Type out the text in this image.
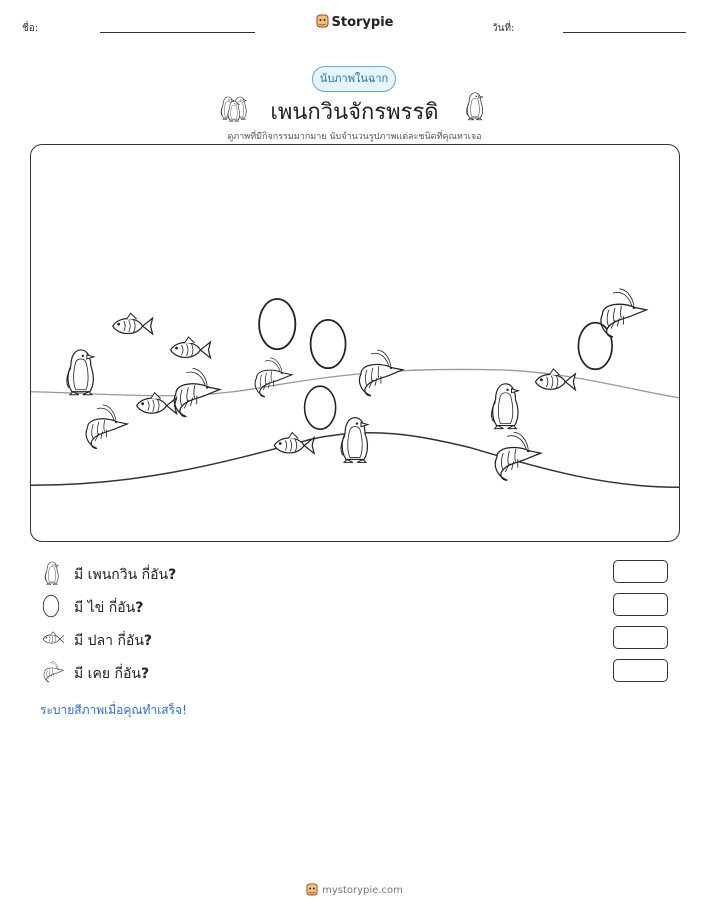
ชื่อ:	Storypie	วันที่:
นับภาพในฉาก
เพนกวินจักรพรรดิ
ดูภาพที่มีกิจกรรมมากมาย นับจำนวนรูปภาพแต่ละชนิดที่คุณหาเจอ
มี เพนกวิน กี่อัน?
มี ไข่ กี่อัน?
มี ปลา กี่อัน?
มี เคย กี่อัน?
ระบายสีภาพเมื่อคุณทำเสร็จ!
mystorypie.com
